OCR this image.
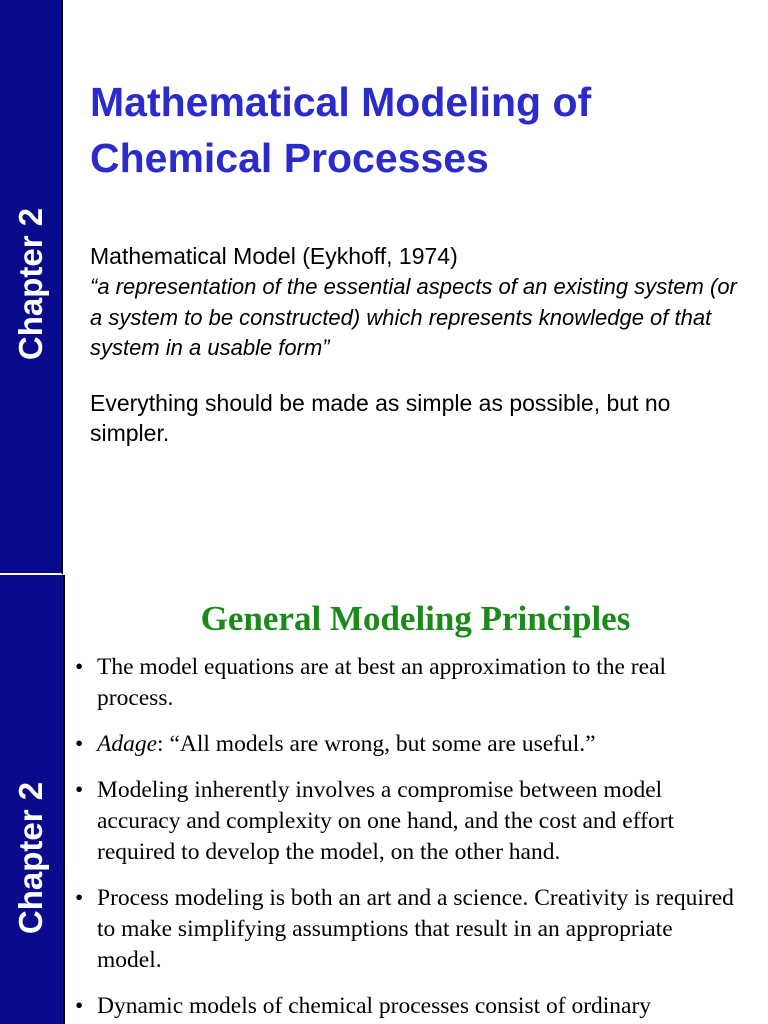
Chapter 2
Mathematical Modeling of Chemical Processes
Mathematical Model (Eykhoff, 1974)
“a representation of the essential aspects of an existing system (or a system to be constructed) which represents knowledge of that system in a usable form”
Everything should be made as simple as possible, but no simpler.
Chapter 2
General Modeling Principles
• The model equations are at best an approximation to the real process.
• Adage: “All models are wrong, but some are useful.”
• Modeling inherently involves a compromise between model accuracy and complexity on one hand, and the cost and effort required to develop the model, on the other hand.
• Process modeling is both an art and a science. Creativity is required to make simplifying assumptions that result in an appropriate model.
• Dynamic models of chemical processes consist of ordinary
